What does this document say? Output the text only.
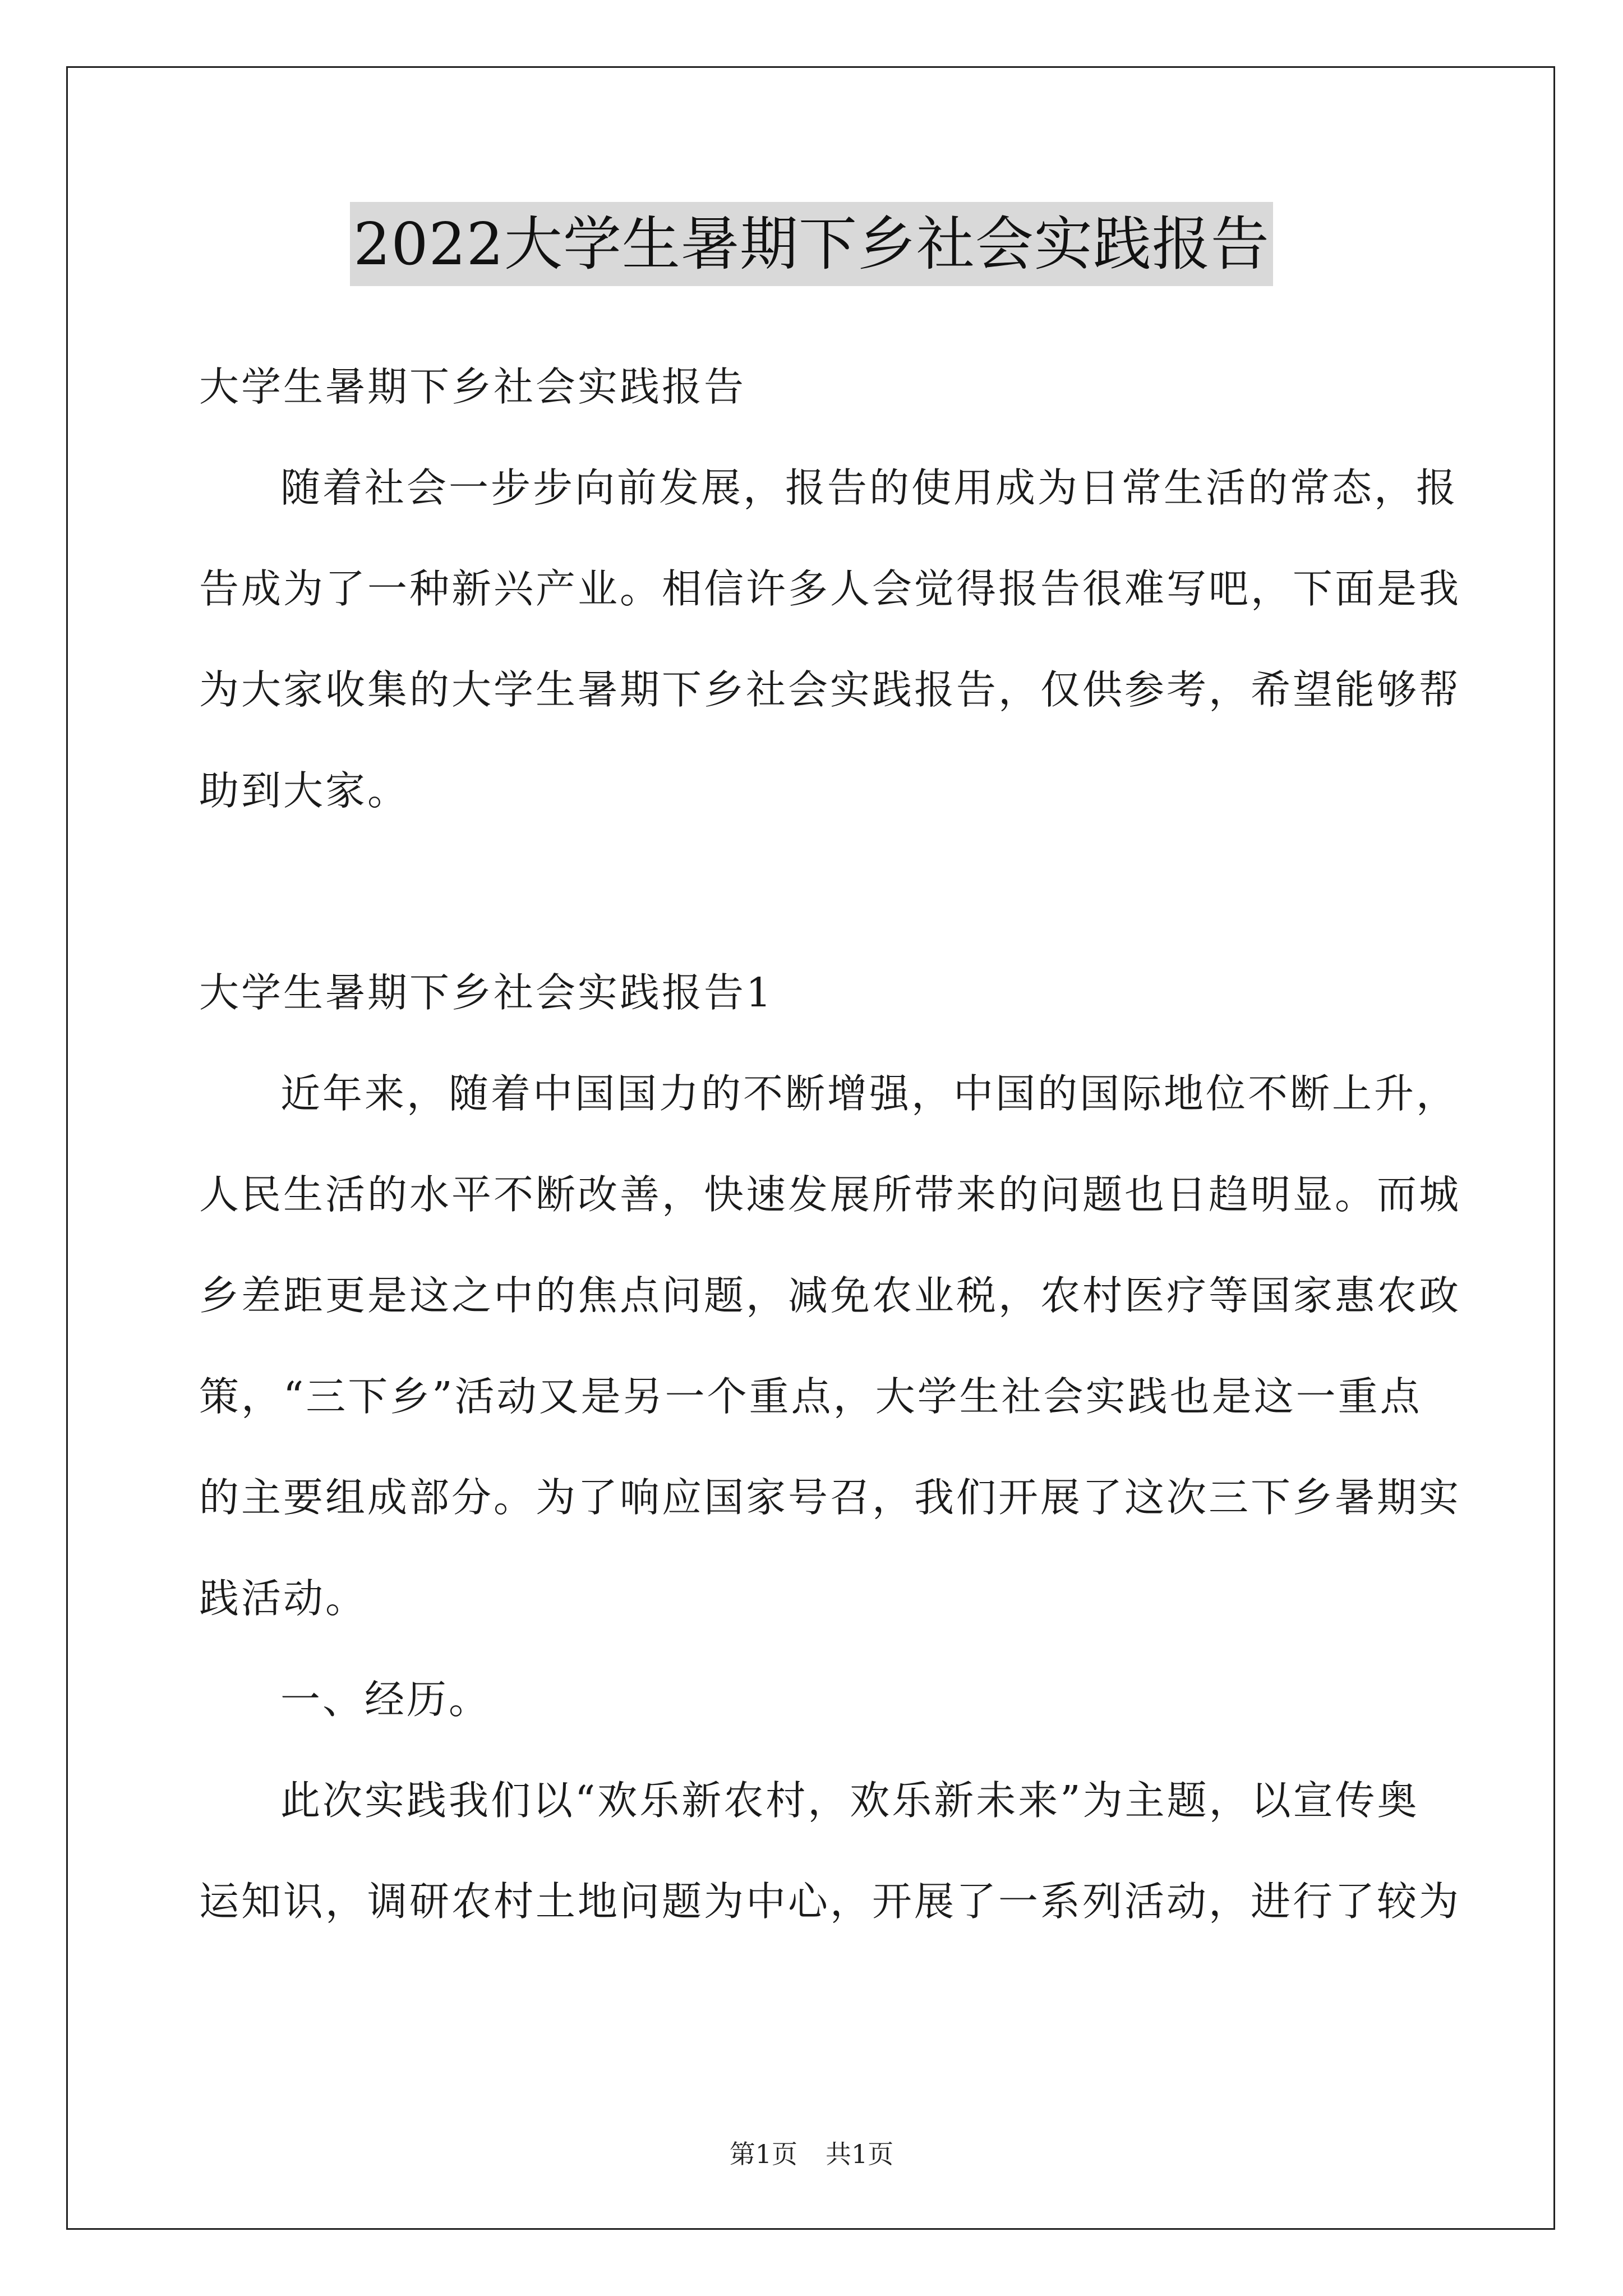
2022大学生暑期下乡社会实践报告
大学生暑期下乡社会实践报告
随着社会一步步向前发展，报告的使用成为日常生活的常态，报
告成为了一种新兴产业。相信许多人会觉得报告很难写吧，下面是我
为大家收集的大学生暑期下乡社会实践报告，仅供参考，希望能够帮
助到大家。
大学生暑期下乡社会实践报告1
近年来，随着中国国力的不断增强，中国的国际地位不断上升，
人民生活的水平不断改善，快速发展所带来的问题也日趋明显。而城
乡差距更是这之中的焦点问题，减免农业税，农村医疗等国家惠农政
策，“三下乡”活动又是另一个重点，大学生社会实践也是这一重点
的主要组成部分。为了响应国家号召，我们开展了这次三下乡暑期实
践活动。
一、经历。
此次实践我们以“欢乐新农村，欢乐新未来”为主题，以宣传奥
运知识，调研农村土地问题为中心，开展了一系列活动，进行了较为
第1页 共1页
